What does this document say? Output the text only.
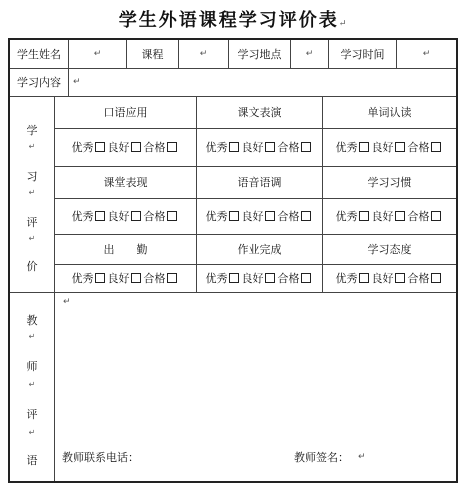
学生外语课程学习评价表↵
学生姓名	↵	课程	↵	学习地点	↵	学习时间	↵
学习内容	↵
学
↵
习
↵
评
↵
价
口语应用	课文表演	单词认读
优秀 良好 合格	优秀 良好 合格	优秀 良好 合格
课堂表现	语音语调	学习习惯
优秀 良好 合格	优秀 良好 合格	优秀 良好 合格
出　　勤	作业完成	学习态度
优秀 良好 合格	优秀 良好 合格	优秀 良好 合格
教
↵
师
↵
评
↵
语
↵
教师联系电话：	教师签名： ↵
